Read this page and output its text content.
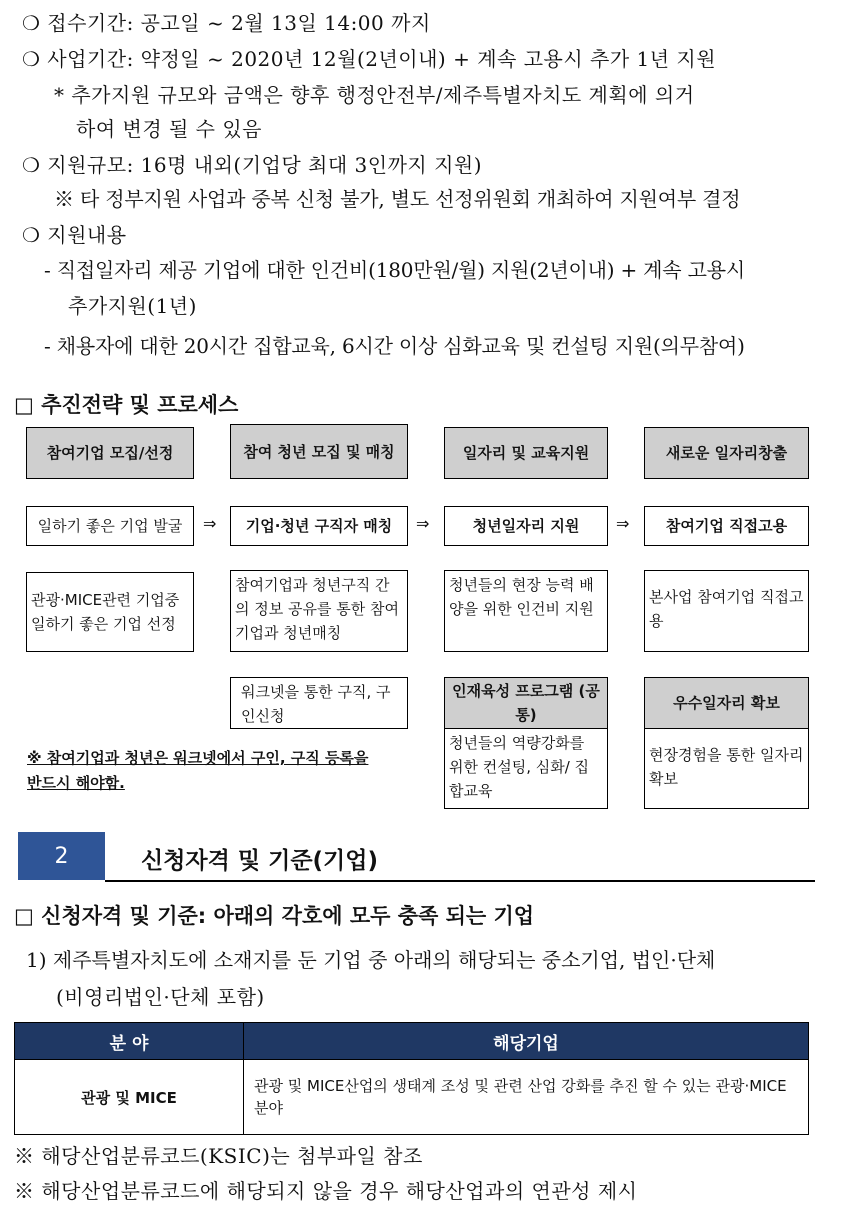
❍ 접수기간: 공고일 ~ 2월 13일 14:00 까지
❍ 사업기간: 약정일 ~ 2020년 12월(2년이내) + 계속 고용시 추가 1년 지원
* 추가지원 규모와 금액은 향후 행정안전부/제주특별자치도 계획에 의거
하여 변경 될 수 있음
❍ 지원규모: 16명 내외(기업당 최대 3인까지 지원)
※ 타 정부지원 사업과 중복 신청 불가, 별도 선정위원회 개최하여 지원여부 결정
❍ 지원내용
- 직접일자리 제공 기업에 대한 인건비(180만원/월) 지원(2년이내) + 계속 고용시
추가지원(1년)
- 채용자에 대한 20시간 집합교육, 6시간 이상 심화교육 및 컨설팅 지원(의무참여)
□ 추진전략 및 프로세스
참여기업 모집/선정	참여 청년 모집 및 매칭	일자리 및 교육지원	새로운 일자리창출
일하기 좋은 기업 발굴	⇒	기업·청년 구직자 매칭	⇒	청년일자리 지원	⇒	참여기업 직접고용
관광·MICE관련 기업중 일하기 좋은 기업 선정
참여기업과 청년구직 간의 정보 공유를 통한 참여기업과 청년매칭
청년들의 현장 능력 배양을 위한 인건비 지원
본사업 참여기업 직접고용
워크넷을 통한 구직, 구인신청
인재육성 프로그램 (공통)
청년들의 역량강화를 위한 컨설팅, 심화/ 집합교육
우수일자리 확보
현장경험을 통한 일자리 확보
※ 참여기업과 청년은 워크넷에서 구인, 구직 등록을
반드시 해야함.
2	신청자격 및 기준(기업)
□ 신청자격 및 기준: 아래의 각호에 모두 충족 되는 기업
1) 제주특별자치도에 소재지를 둔 기업 중 아래의 해당되는 중소기업, 법인·단체
(비영리법인·단체 포함)
분 야	해당기업
관광 및 MICE	관광 및 MICE산업의 생태계 조성 및 관련 산업 강화를 추진 할 수 있는 관광·MICE 분야
※ 해당산업분류코드(KSIC)는 첨부파일 참조
※ 해당산업분류코드에 해당되지 않을 경우 해당산업과의 연관성 제시
